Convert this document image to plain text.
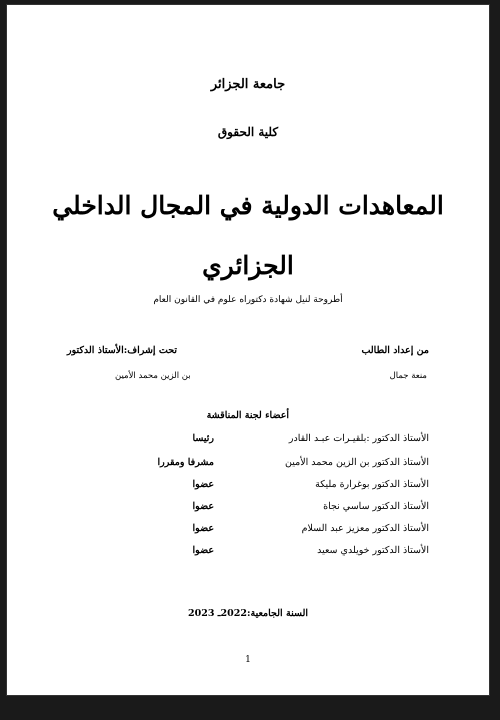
جامعة الجزائر
كلية الحقوق
المعاهدات الدولية في المجال الداخلي
الجزائري
أطروحة لنيل شهادة دكتوراه علوم في القانون العام
من إعداد الطالب
تحت إشراف:الأستاذ الدكتور
منعة جمال
بن الزين محمد الأمين
أعضاء لجنة المناقشة
الأستاذ الدكتور :بلقيـرات عبـد القادر
رئيسا
الأستاذ الدكتور بن الزين محمد الأمين
مشرفا ومقررا
الأستاذ الدكتور بوغرارة مليكة
عضوا
الأستاذ الدكتور ساسي نجاة
عضوا
الأستاذ الدكتور معزيز عبد السلام
عضوا
الأستاذ الدكتور خويلدي سعيد
عضوا
السنة الجامعية:2022ـ 2023
1
